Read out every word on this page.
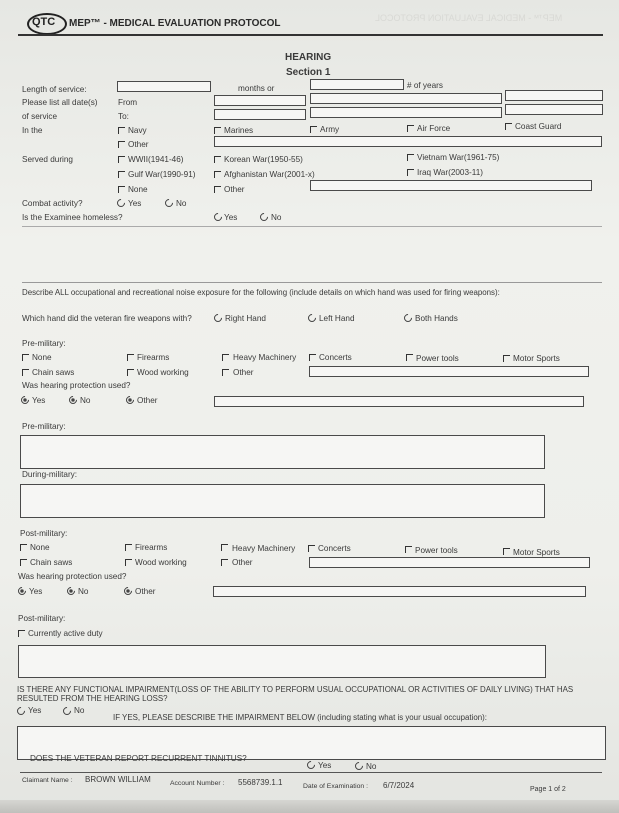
QTC MEP™ - MEDICAL EVALUATION PROTOCOL	MEP™ - MEDICAL EVALUATION PROTOCOL
HEARING
Section 1
Length of service:	months or	# of years
Please list all date(s) From
of service	To:
In the	Navy	Marines	Army	Air Force	Coast Guard
Other
Served during	WWII(1941-46)	Korean War(1950-55)	Vietnam War(1961-75)
Gulf War(1990-91)	Afghanistan War(2001-x)	Iraq War(2003-11)
None	Other
Combat activity?	Yes	No
Is the Examinee homeless?	Yes	No
Describe ALL occupational and recreational noise exposure for the following (include details on which hand was used for firing weapons):
Which hand did the veteran fire weapons with?	Right Hand	Left Hand	Both Hands
Pre-military:
None	Firearms	Heavy Machinery	Concerts	Power tools	Motor Sports
Chain saws	Wood working	Other
Was hearing protection used?
Yes	No	Other
Pre-military:
During-military:
Post-military:
None	Firearms	Heavy Machinery	Concerts	Power tools	Motor Sports
Chain saws	Wood working	Other
Was hearing protection used?
Yes	No	Other
Post-military:
Currently active duty
IS THERE ANY FUNCTIONAL IMPAIRMENT(LOSS OF THE ABILITY TO PERFORM USUAL OCCUPATIONAL OR ACTIVITIES OF DAILY LIVING) THAT HAS
RESULTED FROM THE HEARING LOSS?
Yes	No
IF YES, PLEASE DESCRIBE THE IMPAIRMENT BELOW (including stating what is your usual occupation):
DOES THE VETERAN REPORT RECURRENT TINNITUS?
Yes	No
Claimant Name : BROWN WILLIAM	Account Number : 5568739.1.1	Date of Examination : 6/7/2024	Page 1 of 2
